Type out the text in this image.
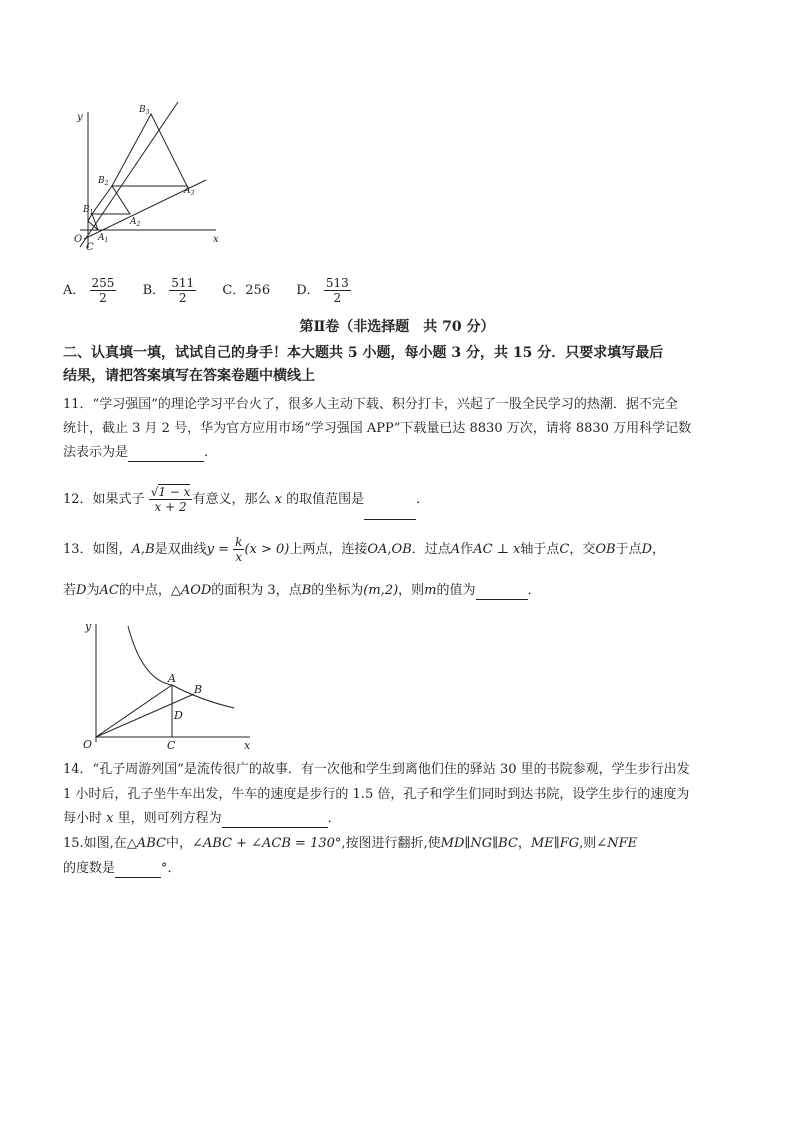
y
x
O
$B_3$
$B_2$
$B_1$
$A_3$
$A_2$
$A_1$
C
A． $\frac{255}{2}$ B． $\frac{511}{2}$ C．256 D． $\frac{513}{2}$
第Ⅱ卷（非选择题　共 70 分）
二、认真填一填，试试自己的身手！本大题共 5 小题，每小题 3 分，共 15 分．只要求填写最后
结果，请把答案填写在答案卷题中横线上
11．“学习强国”的理论学习平台火了，很多人主动下载、积分打卡，兴起了一股全民学习的热潮．据不完全
统计，截止 3 月 2 号，华为官方应用市场“学习强国 APP”下载量已达 8830 万次，请将 8830 万用科学记数
法表示为是	．
12．如果式子 $\frac{√1 - x}{x + 2}$ 有意义，那么 x 的取值范围是	．
13．如图，A,B是双曲线$y = \frac{k}{x} (x > 0)$上两点，连接OA,OB．过点A作AC ⊥ x轴于点C，交OB于点D，
若D为AC的中点，△AOD的面积为 3，点B的坐标为(m,2)，则m的值为	．
y
x
O
A
B
D
C
14．“孔子周游列国”是流传很广的故事．有一次他和学生到离他们住的驿站 30 里的书院参观，学生步行出发
1 小时后，孔子坐牛车出发，牛车的速度是步行的 1.5 倍，孔子和学生们同时到达书院，设学生步行的速度为
每小时 x 里，则可列方程为	．
15.如图,在△ABC中，∠ABC + ∠ACB = 130°,按图进行翻折,使MD∥NG∥BC，ME∥FG,则∠NFE
的度数是	°．
